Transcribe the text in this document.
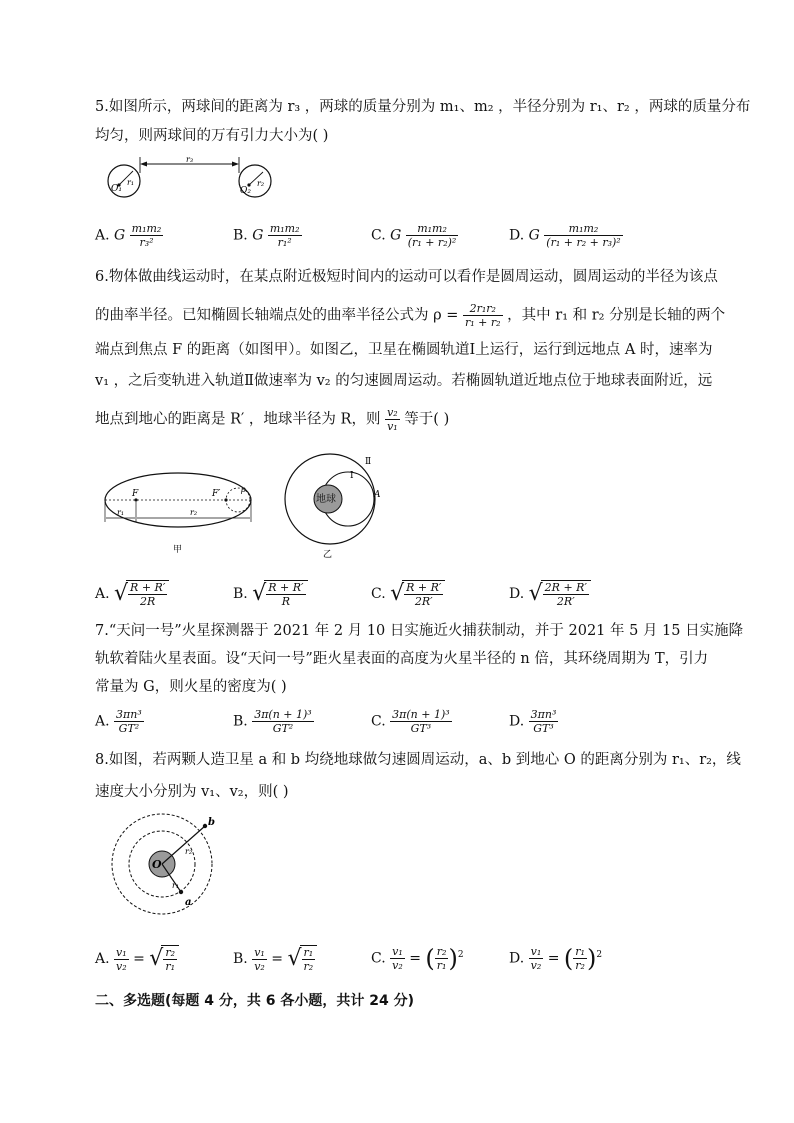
5.如图所示，两球间的距离为 r₃ ，两球的质量分别为 m₁、m₂ ，半径分别为 r₁、r₂ ，两球的质量分布
均匀，则两球间的万有引力大小为( )
O₁
r₁
O₂
r₂
r₃
A. G $\frac{\text{m₁m₂}}{\text{r₃²}}$	B. G $\frac{\text{m₁m₂}}{\text{r₁²}}$	C. G $\frac{\text{m₁m₂}}{\text{(r₁ + r₂)²}}$	D. G $\frac{\text{m₁m₂}}{\text{(r₁ + r₂ + r₃)²}}$
6.物体做曲线运动时，在某点附近极短时间内的运动可以看作是圆周运动，圆周运动的半径为该点
的曲率半径。已知椭圆长轴端点处的曲率半径公式为 $\rho = \frac{\text{2r₁r₂}}{\text{r₁ + r₂}}$ ，其中 r₁ 和 r₂ 分别是长轴的两个
端点到焦点 F 的距离（如图甲）。如图乙，卫星在椭圆轨道Ⅰ上运行，运行到远地点 A 时，速率为
v₁ ，之后变轨进入轨道Ⅱ做速率为 v₂ 的匀速圆周运动。若椭圆轨道近地点位于地球表面附近，远
地点到地心的距离是 R′ ，地球半径为 R，则 $\frac{\text{v₂}}{\text{v₁}}$ 等于( )
F	F′	ρ
r₁	r₂
甲
地球
Ⅰ
Ⅱ
A
乙
A. √ $\frac{R + R'}{2R}$	B. √ $\frac{R + R'}{R}$	C. √ $\frac{R + R'}{2R'}$	D. √ $\frac{2R + R'}{2R'}$
7.“天问一号”火星探测器于 2021 年 2 月 10 日实施近火捕获制动，并于 2021 年 5 月 15 日实施降
轨软着陆火星表面。设“天问一号”距火星表面的高度为火星半径的 n 倍，其环绕周期为 T，引力
常量为 G，则火星的密度为( )
A. $\frac{\text{3πn³}}{\text{GT²}}$	B. $\frac{\text{3π(n + 1)³}}{\text{GT²}}$	C. $\frac{\text{3π(n + 1)³}}{\text{GT³}}$	D. $\frac{\text{3πn³}}{\text{GT³}}$
8.如图，若两颗人造卫星 a 和 b 均绕地球做匀速圆周运动，a、b 到地心 O 的距离分别为 r₁、r₂，线
速度大小分别为 v₁、v₂，则( )
O
b
r₂
r₁
a
A. $\frac{\text{v₁}}{\text{v₂}}$ = √ $\frac{\text{r₂}}{\text{r₁}}$	B. $\frac{\text{v₁}}{\text{v₂}}$ = √ $\frac{\text{r₁}}{\text{r₂}}$	C. $\frac{\text{v₁}}{\text{v₂}}$ = ( $\frac{\text{r₂}}{\text{r₁}} )^2$	D. $\frac{\text{v₁}}{\text{v₂}}$ = ( $\frac{\text{r₁}}{\text{r₂}} )^2$
二、多选题(每题 4 分，共 6 各小题，共计 24 分)
